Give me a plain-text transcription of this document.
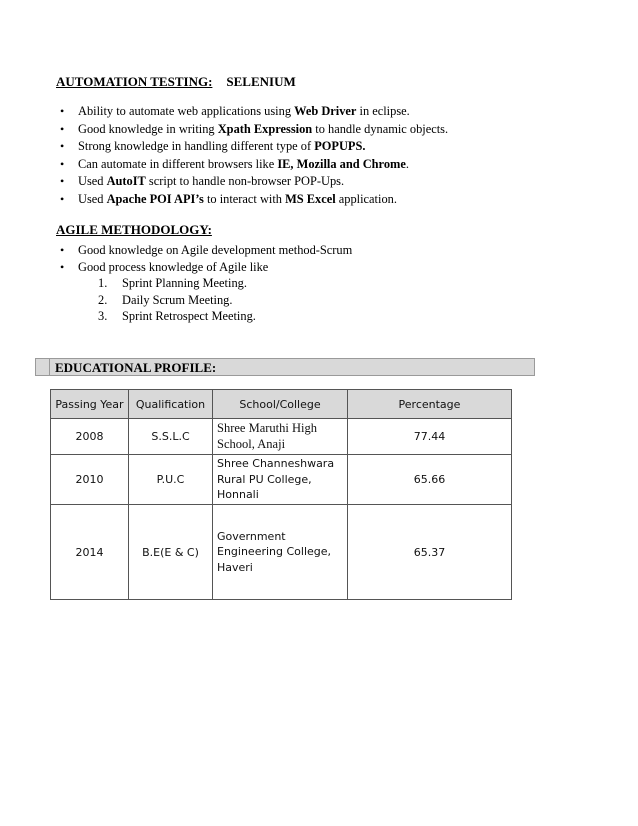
AUTOMATION TESTING: SELENIUM
• Ability to automate web applications using Web Driver in eclipse.
• Good knowledge in writing Xpath Expression to handle dynamic objects.
• Strong knowledge in handling different type of POPUPS.
• Can automate in different browsers like IE, Mozilla and Chrome.
• Used AutoIT script to handle non-browser POP-Ups.
• Used Apache POI API’s to interact with MS Excel application.
AGILE METHODOLOGY:
• Good knowledge on Agile development method-Scrum
• Good process knowledge of Agile like
1. Sprint Planning Meeting.
2. Daily Scrum Meeting.
3. Sprint Retrospect Meeting.
EDUCATIONAL PROFILE:
Passing Year	Qualification	School/College	Percentage
2008	S.S.L.C	Shree Maruthi High
School, Anaji	77.44
2010	P.U.C	Shree Channeshwara
Rural PU College,
Honnali	65.66
2014	B.E(E & C)	Government
Engineering College,
Haveri	65.37
